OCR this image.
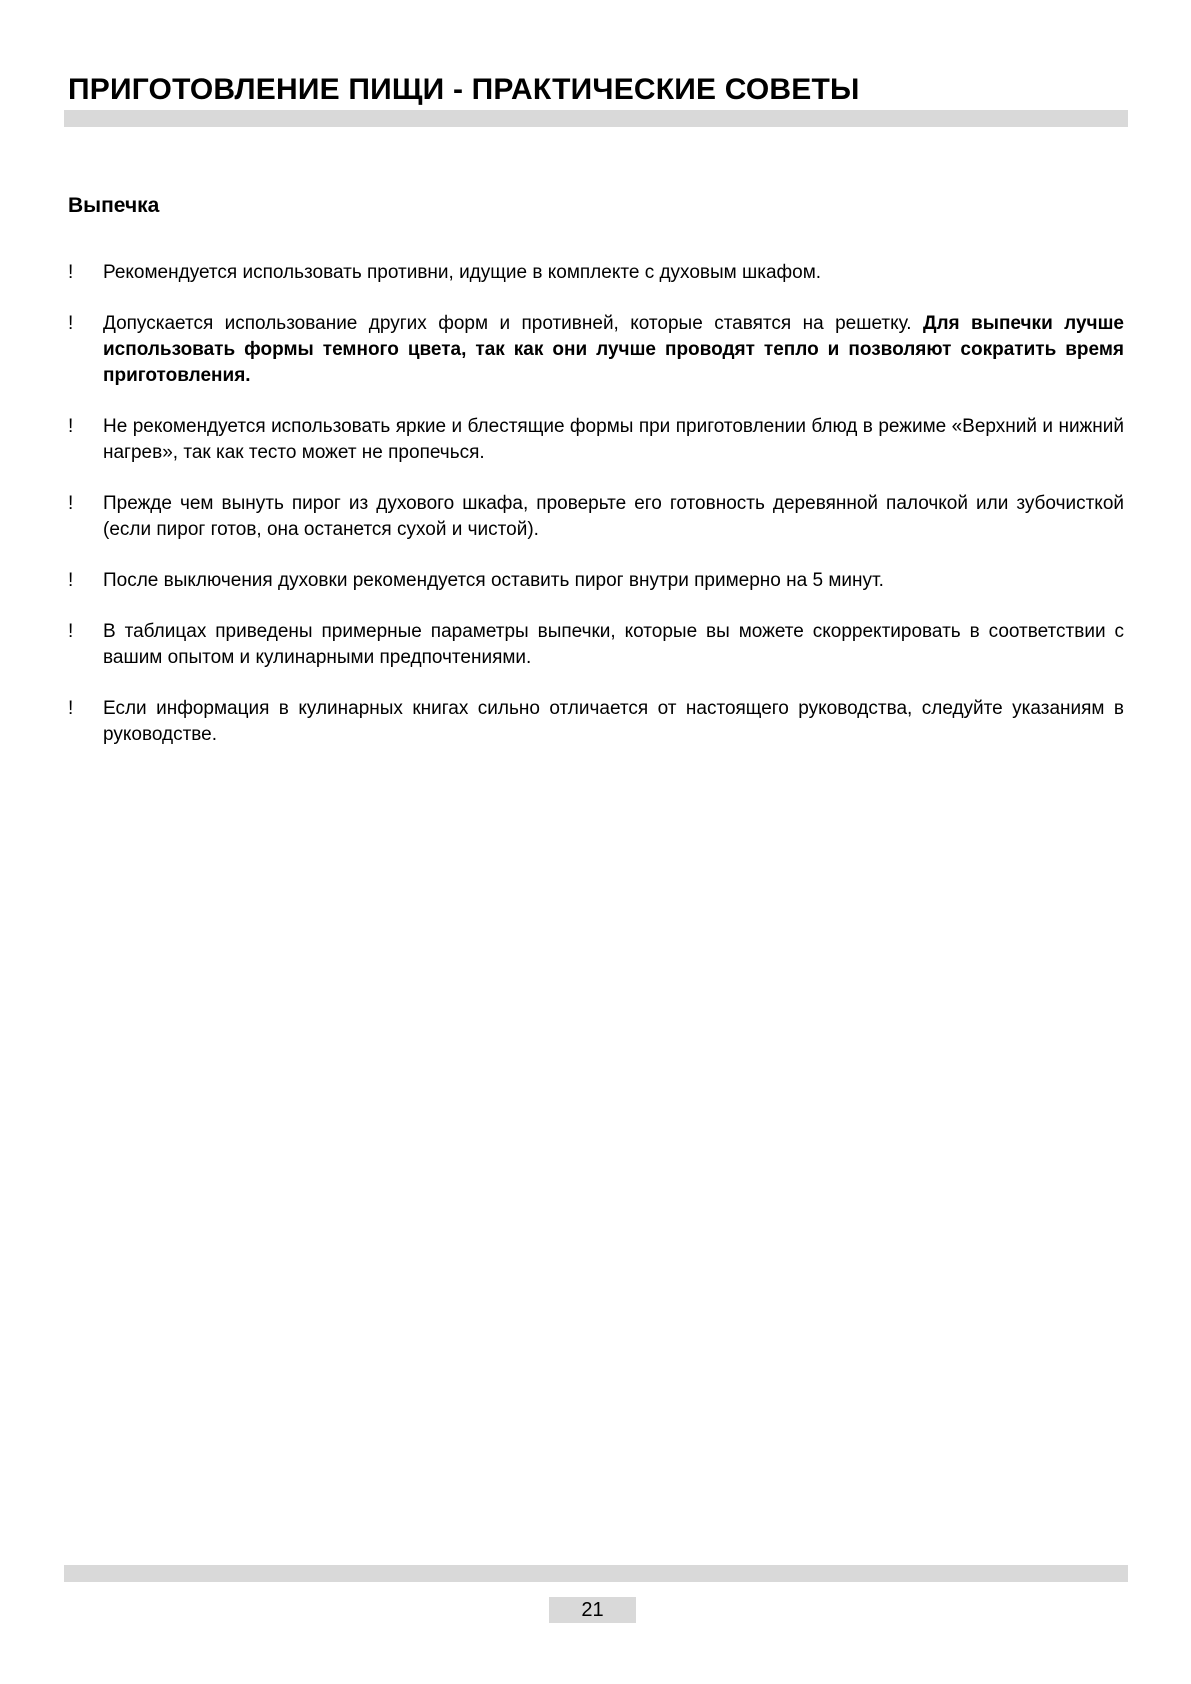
ПРИГОТОВЛЕНИЕ ПИЩИ - ПРАКТИЧЕСКИЕ СОВЕТЫ
Выпечка
! Рекомендуется использовать противни, идущие в комплекте с духовым шкафом.
! Допускается использование других форм и противней, которые ставятся на решетку. Для выпечки лучше использовать формы темного цвета, так как они лучше проводят тепло и позволяют сократить время приготовления.
! Не рекомендуется использовать яркие и блестящие формы при приготовлении блюд в режиме «Верхний и нижний нагрев», так как тесто может не пропечься.
! Прежде чем вынуть пирог из духового шкафа, проверьте его готовность деревянной палочкой или зубочисткой (если пирог готов, она останется сухой и чистой).
! После выключения духовки рекомендуется оставить пирог внутри примерно на 5 минут.
! В таблицах приведены примерные параметры выпечки, которые вы можете скорректировать в соответствии с вашим опытом и кулинарными предпочтениями.
! Если информация в кулинарных книгах сильно отличается от настоящего руководства, следуйте указаниям в руководстве.
21
